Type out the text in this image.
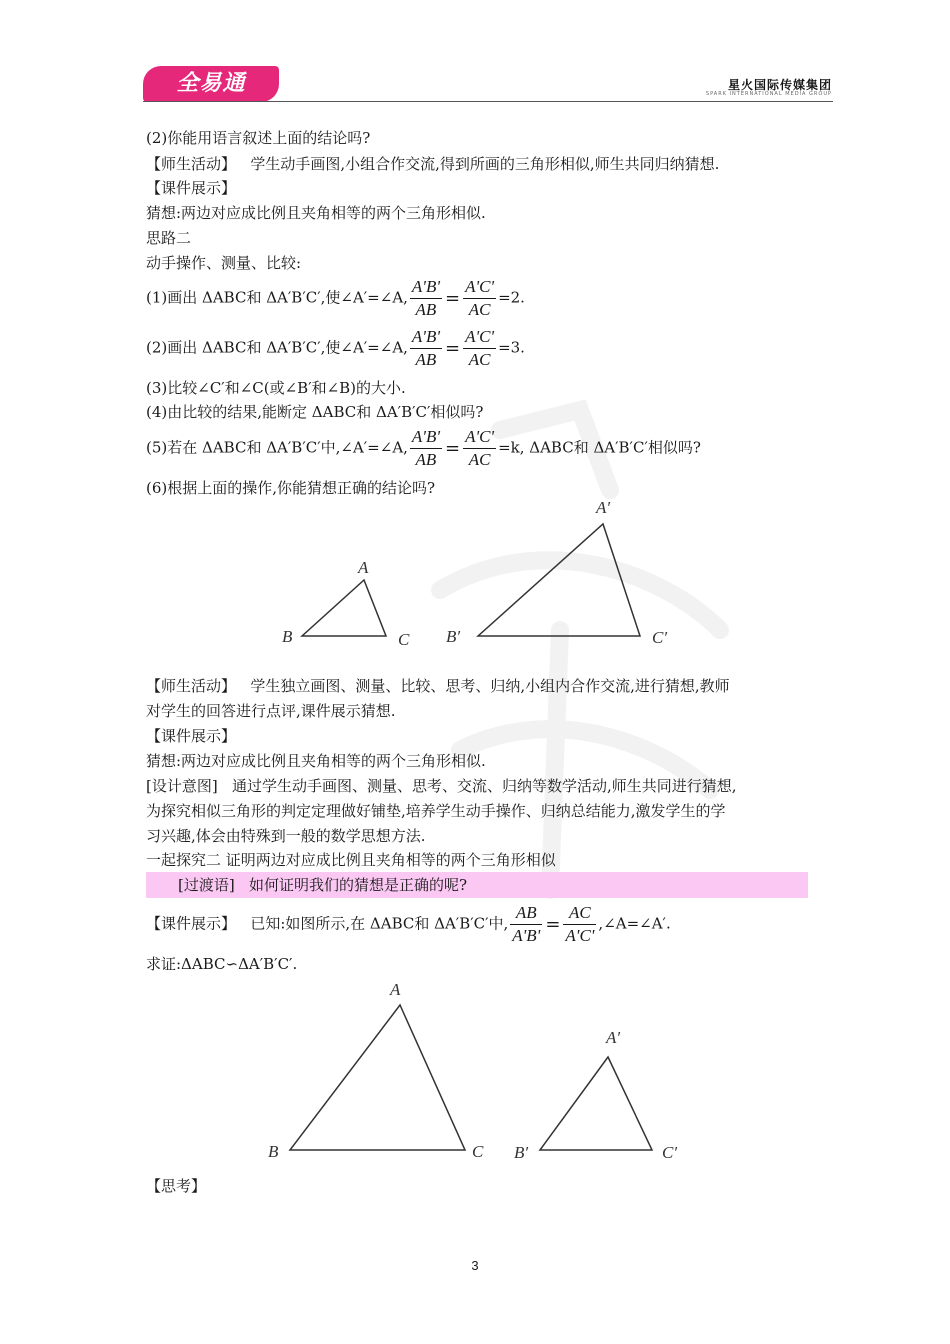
全易通	星火国际传媒集团
SPARK INTERNATIONAL MEDIA GROUP
(2)你能用语言叙述上面的结论吗?
【师生活动】 学生动手画图,小组合作交流,得到所画的三角形相似,师生共同归纳猜想.
【课件展示】
猜想:两边对应成比例且夹角相等的两个三角形相似.
思路二
动手操作、测量、比较:
(1)画出 ΔABC和 ΔA′B′C′,使∠A′=∠A, $\frac{A'B'}{AB} = \frac{A'C'}{AC} =2$.
(2)画出 ΔABC和 ΔA′B′C′,使∠A′=∠A, $\frac{A'B'}{AB} = \frac{A'C'}{AC} =3$.
(3)比较∠C′和∠C(或∠B′和∠B)的大小.
(4)由比较的结果,能断定 ΔABC和 ΔA′B′C′相似吗?
(5)若在 ΔABC和 ΔA′B′C′中,∠A′=∠A, $\frac{A'B'}{AB} = \frac{A'C'}{AC} =k$, ΔABC和 ΔA′B′C′相似吗?
(6)根据上面的操作,你能猜想正确的结论吗?
A
B	C
A′
B′	C′
【师生活动】 学生独立画图、测量、比较、思考、归纳,小组内合作交流,进行猜想,教师
对学生的回答进行点评,课件展示猜想.
【课件展示】
猜想:两边对应成比例且夹角相等的两个三角形相似.
[设计意图] 通过学生动手画图、测量、思考、交流、归纳等数学活动,师生共同进行猜想,
为探究相似三角形的判定定理做好铺垫,培养学生动手操作、归纳总结能力,激发学生的学
习兴趣,体会由特殊到一般的数学思想方法.
一起探究二 证明两边对应成比例且夹角相等的两个三角形相似
[过渡语] 如何证明我们的猜想是正确的呢?
【课件展示】 已知:如图所示,在 ΔABC和 ΔA′B′C′中, $\frac{AB}{A'B'} = \frac{AC}{A'C'}$ ,∠A=∠A′.
求证:ΔABC∽ΔA′B′C′.
A
B	C
A′
B′	C′
【思考】
3
